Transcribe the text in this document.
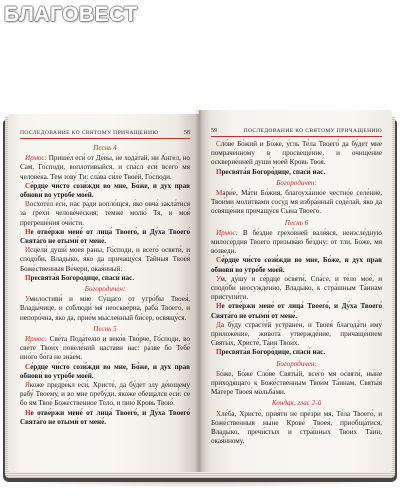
БЛАГОВЕСТ
ПОСЛЕДОВАНИЕ КО СВЯТОМУ ПРИЧАЩЕНИЮ	58

Песнь 4

Ирмос: Прише́л еси́ от Де́вы, не хода́тай, ни А́нгел, но Сам, Го́споди, воплоти́выйся, и спа́сл еси́ всего́ мя челове́ка. Тем зову́ Ти: сла́ва си́ле Твое́й, Го́споди.

Се́рдце чи́сто сози́жди во мне, Бо́же, и дух прав обнови́ во утро́бе мое́й.

Восхоте́л еси́, нас ра́ди вопло́щся, я́ко овча́ закла́тися за грехи́ челове́ческия; те́мже молю́ Тя, и моя́ прегреше́ния очи́сти.

Не отве́ржи мене́ от лица́ Твоего́, и Ду́ха Твоего́ Свята́го не отыми́ от мене́.

Исцели́ души́ моея́ ра́ны, Го́споди, и всего́ освяти́, и сподо́би, Влады́ко, я́ко да причащу́ся Та́йныя Твоея́ Боже́ственныя Ве́чери, окая́нный.

Пресвята́я Богоро́дице, спаси́ нас.

Богородичен:

Умилостиви́ и мне Су́щаго от утро́бы Твоея́, Влады́чице, и соблюди́ мя неоскве́рна, раба́ Твоего́, и непоро́чна, я́ко да, прие́м мы́сленный би́сер, освящу́ся.

Песнь 5

Ирмос: Све́та Пода́телю и веко́в Тво́рче, Го́споди, во све́те Твои́х повеле́ний наста́ви нас: ра́зве бо Тебе́ ино́го бо́га не зна́ем.

Се́рдце чи́сто сози́жди во мне, Бо́же, и дух прав обнови́ во утро́бе мое́й.

Я́коже предре́кл еси́, Христе́, да бу́дет злу де́ющему рабу́ Твоему́, и во мне пребу́ди, я́коже обеща́лся еси́: се бо ям Твое́ Боже́ственное Те́ло, и пию́ Кровь Твою́.

Не отве́ржи мене́ от лица́ Твоего́, и Ду́ха Твоего́ Свята́го не отыми́ от мене́.

59	ПОСЛЕДОВАНИЕ КО СВЯТОМУ ПРИЧАЩЕНИЮ

Сло́ве Бо́жий и Бо́же, у́гль Те́ла Твоего́ да бу́дет мне помраче́нному в просвеще́ние, и очище́ние оскверне́нней души́ мое́й Кровь Твоя́.

Пресвята́я Богоро́дице, спаси́ нас.

Богородичен:

Мари́е, Ма́ти Бо́жия, благоуха́нное честно́е селе́ние, Твои́ми моли́твами сосу́д мя избра́нный соде́лай, я́ко да освяще́ния причащу́ся Сы́на Твоего́.

Песнь 6

Ирмос: В бе́здне грехо́вней валя́яся, неизсле́дную милосе́рдия Твоего́ призыва́ю бе́здну: от тли, Бо́же, мя возведи́.

Се́рдце чи́сто сози́жди во мне, Бо́же, и дух прав обнови́ во утро́бе мое́й.

Ум, ду́шу и се́рдце освяти́, Спа́се, и те́ло мое́, и сподо́би неосужде́нно, Влады́ко, к стра́шным Та́инам приступи́ти.

Не отве́ржи мене́ от лица́ Твоего́, и Ду́ха Твоего́ Свята́го не отыми́ от мене́.

Да бу́ду страсте́й устране́н, и Твоея́ благода́ти иму́ приложе́ние, живота́ утвержде́ние, причаще́нием Святы́х, Христе́, Та́ин Твои́х.

Пресвята́я Богоро́дице, спаси́ нас.

Богородичен:

Бо́же, Бо́же Сло́ве Святы́й, всего́ мя освяти́, ны́не приходя́щаго к Боже́ственным Твои́м Та́инам, Святы́я Ма́тере Твоея́ мольба́ми.

Кондак, глас 2-й

Хле́ба, Христе́, прия́ти не пре́зри мя, Те́ла Твоего́, и Боже́ственныя ны́не Крове́ Твоея́, приобща́тися, Влады́ко, пречи́стых и стра́шных Твои́х Та́ин, окая́нному,
